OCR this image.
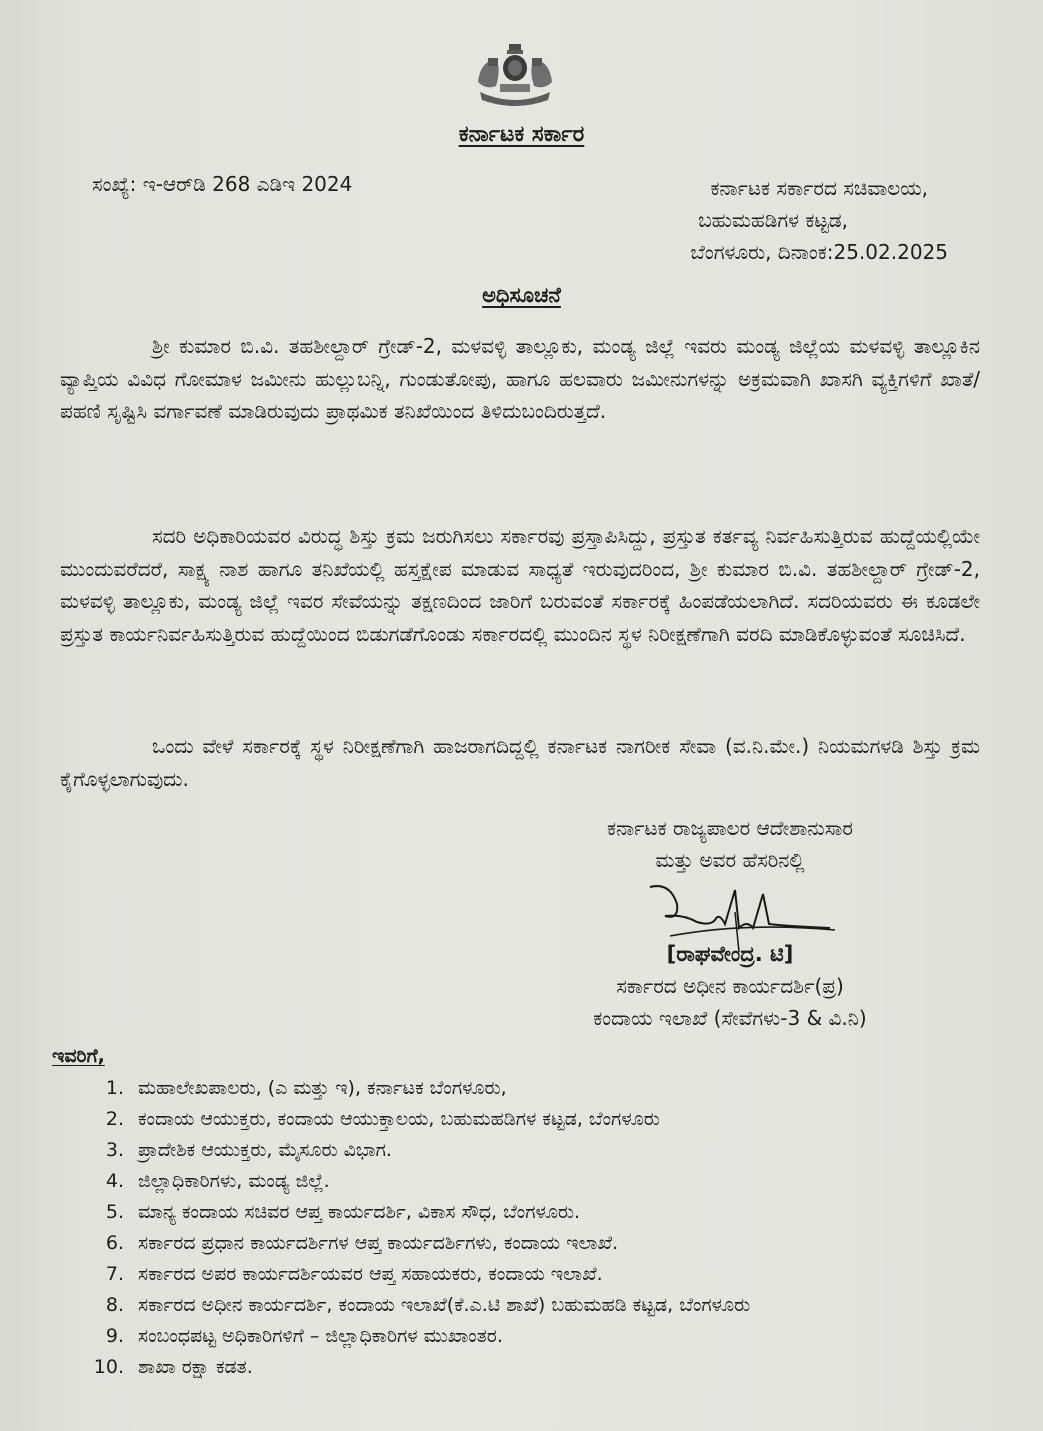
ಕರ್ನಾಟಕ ಸರ್ಕಾರ
ಸಂಖ್ಯೆ: ಇ-ಆರ್‌ಡಿ 268 ಎಡಿಇ 2024	ಕರ್ನಾಟಕ ಸರ್ಕಾರದ ಸಚಿವಾಲಯ,
ಬಹುಮಹಡಿಗಳ ಕಟ್ಟಡ,
ಬೆಂಗಳೂರು, ದಿನಾಂಕ:25.02.2025
ಅಧಿಸೂಚನೆ

ಶ್ರೀ ಕುಮಾರ ಬಿ.ವಿ. ತಹಶೀಲ್ದಾರ್ ಗ್ರೇಡ್-2, ಮಳವಳ್ಳಿ ತಾಲ್ಲೂಕು, ಮಂಡ್ಯ ಜಿಲ್ಲೆ ಇವರು ಮಂಡ್ಯ ಜಿಲ್ಲೆಯ ಮಳವಳ್ಳಿ ತಾಲ್ಲೂಕಿನ ವ್ಯಾಪ್ತಿಯ ವಿವಿಧ ಗೋಮಾಳ ಜಮೀನು ಹುಲ್ಲುಬನ್ನಿ, ಗುಂಡುತೋಪು, ಹಾಗೂ ಹಲವಾರು ಜಮೀನುಗಳನ್ನು ಅಕ್ರಮವಾಗಿ ಖಾಸಗಿ ವ್ಯಕ್ತಿಗಳಿಗೆ ಖಾತೆ/ಪಹಣಿ ಸೃಷ್ಟಿಸಿ ವರ್ಗಾವಣೆ ಮಾಡಿರುವುದು ಪ್ರಾಥಮಿಕ ತನಿಖೆಯಿಂದ ತಿಳಿದುಬಂದಿರುತ್ತದೆ.

ಸದರಿ ಅಧಿಕಾರಿಯವರ ವಿರುದ್ಧ ಶಿಸ್ತು ಕ್ರಮ ಜರುಗಿಸಲು ಸರ್ಕಾರವು ಪ್ರಸ್ತಾಪಿಸಿದ್ದು, ಪ್ರಸ್ತುತ ಕರ್ತವ್ಯ ನಿರ್ವಹಿಸುತ್ತಿರುವ ಹುದ್ದೆಯಲ್ಲಿಯೇ ಮುಂದುವರೆದರೆ, ಸಾಕ್ಷ್ಯ ನಾಶ ಹಾಗೂ ತನಿಖೆಯಲ್ಲಿ ಹಸ್ತಕ್ಷೇಪ ಮಾಡುವ ಸಾಧ್ಯತೆ ಇರುವುದರಿಂದ, ಶ್ರೀ ಕುಮಾರ ಬಿ.ವಿ. ತಹಶೀಲ್ದಾರ್ ಗ್ರೇಡ್-2, ಮಳವಳ್ಳಿ ತಾಲ್ಲೂಕು, ಮಂಡ್ಯ ಜಿಲ್ಲೆ ಇವರ ಸೇವೆಯನ್ನು ತಕ್ಷಣದಿಂದ ಜಾರಿಗೆ ಬರುವಂತೆ ಸರ್ಕಾರಕ್ಕೆ ಹಿಂಪಡೆಯಲಾಗಿದೆ. ಸದರಿಯವರು ಈ ಕೂಡಲೇ ಪ್ರಸ್ತುತ ಕಾರ್ಯನಿರ್ವಹಿಸುತ್ತಿರುವ ಹುದ್ದೆಯಿಂದ ಬಿಡುಗಡೆಗೊಂಡು ಸರ್ಕಾರದಲ್ಲಿ ಮುಂದಿನ ಸ್ಥಳ ನಿರೀಕ್ಷಣೆಗಾಗಿ ವರದಿ ಮಾಡಿಕೊಳ್ಳುವಂತೆ ಸೂಚಿಸಿದೆ.

ಒಂದು ವೇಳೆ ಸರ್ಕಾರಕ್ಕೆ ಸ್ಥಳ ನಿರೀಕ್ಷಣೆಗಾಗಿ ಹಾಜರಾಗದಿದ್ದಲ್ಲಿ ಕರ್ನಾಟಕ ನಾಗರೀಕ ಸೇವಾ (ವ.ನಿ.ಮೇ.) ನಿಯಮಗಳಡಿ ಶಿಸ್ತು ಕ್ರಮ ಕೈಗೊಳ್ಳಲಾಗುವುದು.

ಕರ್ನಾಟಕ ರಾಜ್ಯಪಾಲರ ಆದೇಶಾನುಸಾರ
ಮತ್ತು ಅವರ ಹೆಸರಿನಲ್ಲಿ
[ರಾಘವೇಂದ್ರ. ಟಿ]
ಸರ್ಕಾರದ ಅಧೀನ ಕಾರ್ಯದರ್ಶಿ(ಪ್ರ)
ಕಂದಾಯ ಇಲಾಖೆ (ಸೇವೆಗಳು-3 & ವಿ.ನಿ)
ಇವರಿಗೆ,
1. ಮಹಾಲೇಖಪಾಲರು, (ಎ ಮತ್ತು ಇ), ಕರ್ನಾಟಕ ಬೆಂಗಳೂರು,
2. ಕಂದಾಯ ಆಯುಕ್ತರು, ಕಂದಾಯ ಆಯುಕ್ತಾಲಯ, ಬಹುಮಹಡಿಗಳ ಕಟ್ಟಡ, ಬೆಂಗಳೂರು
3. ಪ್ರಾದೇಶಿಕ ಆಯುಕ್ತರು, ಮೈಸೂರು ವಿಭಾಗ.
4. ಜಿಲ್ಲಾಧಿಕಾರಿಗಳು, ಮಂಡ್ಯ ಜಿಲ್ಲೆ.
5. ಮಾನ್ಯ ಕಂದಾಯ ಸಚಿವರ ಆಪ್ತ ಕಾರ್ಯದರ್ಶಿ, ವಿಕಾಸ ಸೌಧ, ಬೆಂಗಳೂರು.
6. ಸರ್ಕಾರದ ಪ್ರಧಾನ ಕಾರ್ಯದರ್ಶಿಗಳ ಆಪ್ತ ಕಾರ್ಯದರ್ಶಿಗಳು, ಕಂದಾಯ ಇಲಾಖೆ.
7. ಸರ್ಕಾರದ ಅಪರ ಕಾರ್ಯದರ್ಶಿಯವರ ಆಪ್ತ ಸಹಾಯಕರು, ಕಂದಾಯ ಇಲಾಖೆ.
8. ಸರ್ಕಾರದ ಅಧೀನ ಕಾರ್ಯದರ್ಶಿ, ಕಂದಾಯ ಇಲಾಖೆ(ಕೆ.ಎ.ಟಿ ಶಾಖೆ) ಬಹುಮಹಡಿ ಕಟ್ಟಡ, ಬೆಂಗಳೂರು
9. ಸಂಬಂಧಪಟ್ಟ ಅಧಿಕಾರಿಗಳಿಗೆ – ಜಿಲ್ಲಾಧಿಕಾರಿಗಳ ಮುಖಾಂತರ.
10. ಶಾಖಾ ರಕ್ಷಾ ಕಡತ.
